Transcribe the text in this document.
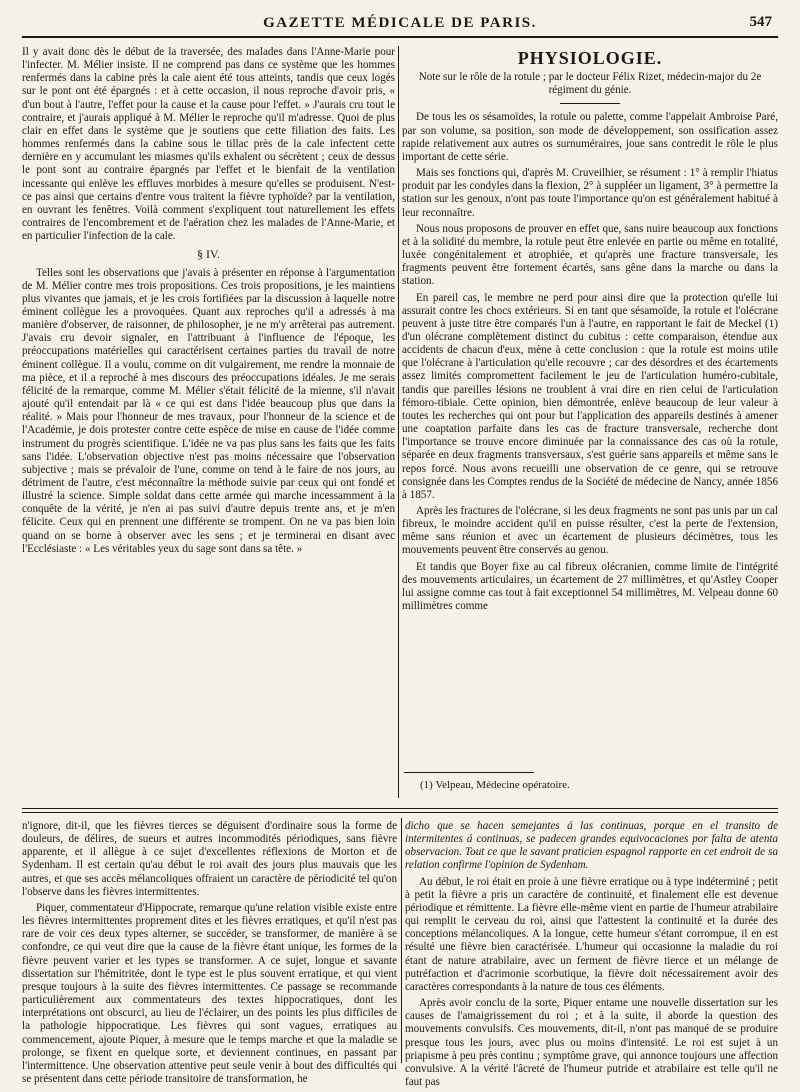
GAZETTE MÉDICALE DE PARIS.	547

Il y avait donc dès le début de la traversée, des malades dans l'Anne-Marie pour l'infecter. M. Mélier insiste. Il ne comprend pas dans ce système que les hommes renfermés dans la cabine près la cale aient été tous atteints, tandis que ceux logés sur le pont ont été épargnés : et à cette occasion, il nous reproche d'avoir pris, « d'un bout à l'autre, l'effet pour la cause et la cause pour l'effet. » J'aurais cru tout le contraire, et j'aurais appliqué à M. Mélier le reproche qu'il m'adresse. Quoi de plus clair en effet dans le système que je soutiens que cette filiation des faits. Les hommes renfermés dans la cabine sous le tillac près de la cale infectent cette dernière en y accumulant les miasmes qu'ils exhalent ou sécrètent ; ceux de dessus le pont sont au contraire épargnés par l'effet et le bienfait de la ventilation incessante qui enlève les effluves morbides à mesure qu'elles se produisent. N'est-ce pas ainsi que certains d'entre vous traitent la fièvre typhoïde? par la ventilation, en ouvrant les fenêtres. Voilà comment s'expliquent tout naturellement les effets contraires de l'encombrement et de l'aération chez les malades de l'Anne-Marie, et en particulier l'infection de la cale.

§ IV.

Telles sont les observations que j'avais à présenter en réponse à l'argumentation de M. Mélier contre mes trois propositions. Ces trois propositions, je les maintiens plus vivantes que jamais, et je les crois fortifiées par la discussion à laquelle notre éminent collègue les a provoquées. Quant aux reproches qu'il a adressés à ma manière d'observer, de raisonner, de philosopher, je ne m'y arrêterai pas autrement. J'avais cru devoir signaler, en l'attribuant à l'influence de l'époque, les préoccupations matérielles qui caractérisent certaines parties du travail de notre éminent collègue. Il a voulu, comme on dit vulgairement, me rendre la monnaie de ma pièce, et il a reproché à mes discours des préoccupations idéales. Je me serais félicité de la remarque, comme M. Mélier s'était félicité de la mienne, s'il n'avait ajouté qu'il entendait par là « ce qui est dans l'idée beaucoup plus que dans la réalité. » Mais pour l'honneur de mes travaux, pour l'honneur de la science et de l'Académie, je dois protester contre cette espèce de mise en cause de l'idée comme instrument du progrès scientifique. L'idée ne va pas plus sans les faits que les faits sans l'idée. L'observation objective n'est pas moins nécessaire que l'observation subjective ; mais se prévaloir de l'une, comme on tend à le faire de nos jours, au détriment de l'autre, c'est méconnaître la méthode suivie par ceux qui ont fondé et illustré la science. Simple soldat dans cette armée qui marche incessamment à la conquête de la vérité, je n'en ai pas suivi d'autre depuis trente ans, et je m'en félicite. Ceux qui en prennent une différente se trompent. On ne va pas bien loin quand on se borne à observer avec les sens ; et je terminerai en disant avec l'Ecclésiaste : « Les véritables yeux du sage sont dans sa tête. »

PHYSIOLOGIE.
Note sur le rôle de la rotule ; par le docteur Félix Rizet, médecin-major du 2e régiment du génie.

De tous les os sésamoïdes, la rotule ou palette, comme l'appelait Ambroise Paré, par son volume, sa position, son mode de développement, son ossification assez rapide relativement aux autres os surnuméraires, joue sans contredit le rôle le plus important de cette série.

Mais ses fonctions qui, d'après M. Cruveilhier, se résument : 1° à remplir l'hiatus produit par les condyles dans la flexion, 2° à suppléer un ligament, 3° à permettre la station sur les genoux, n'ont pas toute l'importance qu'on est généralement habitué à leur reconnaître.

Nous nous proposons de prouver en effet que, sans nuire beaucoup aux fonctions et à la solidité du membre, la rotule peut être enlevée en partie ou même en totalité, luxée congénitalement et atrophiée, et qu'après une fracture transversale, les fragments peuvent être fortement écartés, sans gêne dans la marche ou dans la station.

En pareil cas, le membre ne perd pour ainsi dire que la protection qu'elle lui assurait contre les chocs extérieurs. Si en tant que sésamoïde, la rotule et l'olécrane peuvent à juste titre être comparés l'un à l'autre, en rapportant le fait de Meckel (1) d'un olécrane complètement distinct du cubitus : cette comparaison, étendue aux accidents de chacun d'eux, mène à cette conclusion : que la rotule est moins utile que l'olécrane à l'articulation qu'elle recouvre ; car des désordres et des écartements assez limités compromettent facilement le jeu de l'articulation huméro-cubitale, tandis que pareilles lésions ne troublent à vrai dire en rien celui de l'articulation fémoro-tibiale. Cette opinion, bien démontrée, enlève beaucoup de leur valeur à toutes les recherches qui ont pour but l'application des appareils destinés à amener une coaptation parfaite dans les cas de fracture transversale, recherche dont l'importance se trouve encore diminuée par la connaissance des cas où la rotule, séparée en deux fragments transversaux, s'est guérie sans appareils et même sans le repos forcé. Nous avons recueilli une observation de ce genre, qui se retrouve consignée dans les Comptes rendus de la Société de médecine de Nancy, année 1856 à 1857.

Après les fractures de l'olécrane, si les deux fragments ne sont pas unis par un cal fibreux, le moindre accident qu'il en puisse résulter, c'est la perte de l'extension, même sans réunion et avec un écartement de plusieurs décimètres, tous les mouvements peuvent être conservés au genou.

Et tandis que Boyer fixe au cal fibreux olécranien, comme limite de l'intégrité des mouvements articulaires, un écartement de 27 millimètres, et qu'Astley Cooper lui assigne comme cas tout à fait exceptionnel 54 millimètres, M. Velpeau donne 60 millimètres comme

(1) Velpeau, Médecine opératoire.

n'ignore, dit-il, que les fièvres tierces se déguisent d'ordinaire sous la forme de douleurs, de délires, de sueurs et autres incommodités périodiques, sans fièvre apparente, et il allègue à ce sujet d'excellentes réflexions de Morton et de Sydenham. Il est certain qu'au début le roi avait des jours plus mauvais que les autres, et que ses accès mélancoliques offraient un caractère de périodicité tel qu'on l'observe dans les fièvres intermittentes.

Piquer, commentateur d'Hippocrate, remarque qu'une relation visible existe entre les fièvres intermittentes proprement dites et les fièvres erratiques, et qu'il n'est pas rare de voir ces deux types alterner, se succéder, se transformer, de manière à se confondre, ce qui veut dire que la cause de la fièvre étant unique, les formes de la fièvre peuvent varier et les types se transformer. A ce sujet, longue et savante dissertation sur l'hémitritée, dont le type est le plus souvent erratique, et qui vient presque toujours à la suite des fièvres intermittentes. Ce passage se recommande particulièrement aux commentateurs des textes hippocratiques, dont les interprétations ont obscurci, au lieu de l'éclairer, un des points les plus difficiles de la pathologie hippocratique. Les fièvres qui sont vagues, erratiques au commencement, ajoute Piquer, à mesure que le temps marche et que la maladie se prolonge, se fixent en quelque sorte, et deviennent continues, en passant par l'intermittence. Une observation attentive peut seule venir à bout des difficultés qui se présentent dans cette période transitoire de transformation, he

dicho que se hacen semejantes á las continuas, porque en el transito de intermitentes á continuas, se padecen grandes equivocaciones por falta de atenta observacion. Tout ce que le savant praticien espagnol rapporte en cet endroit de sa relation confirme l'opinion de Sydenham.

Au début, le roi était en proie à une fièvre erratique ou à type indéterminé ; petit à petit la fièvre a pris un caractère de continuité, et finalement elle est devenue périodique et rémittente. La fièvre elle-même vient en partie de l'humeur atrabilaire qui remplit le cerveau du roi, ainsi que l'attestent la continuité et la durée des conceptions mélancoliques. A la longue, cette humeur s'étant corrompue, il en est résulté une fièvre bien caractérisée. L'humeur qui occasionne la maladie du roi étant de nature atrabilaire, avec un ferment de fièvre tierce et un mélange de putréfaction et d'acrimonie scorbutique, la fièvre doit nécessairement avoir des caractères correspondants à la nature de tous ces éléments.

Après avoir conclu de la sorte, Piquer entame une nouvelle dissertation sur les causes de l'amaigrissement du roi ; et à la suite, il aborde la question des mouvements convulsifs. Ces mouvements, dit-il, n'ont pas manqué de se produire presque tous les jours, avec plus ou moins d'intensité. Le roi est sujet à un priapisme à peu près continu ; symptôme grave, qui annonce toujours une affection convulsive. A la vérité l'âcreté de l'humeur putride et atrabilaire est telle qu'il ne faut pas
